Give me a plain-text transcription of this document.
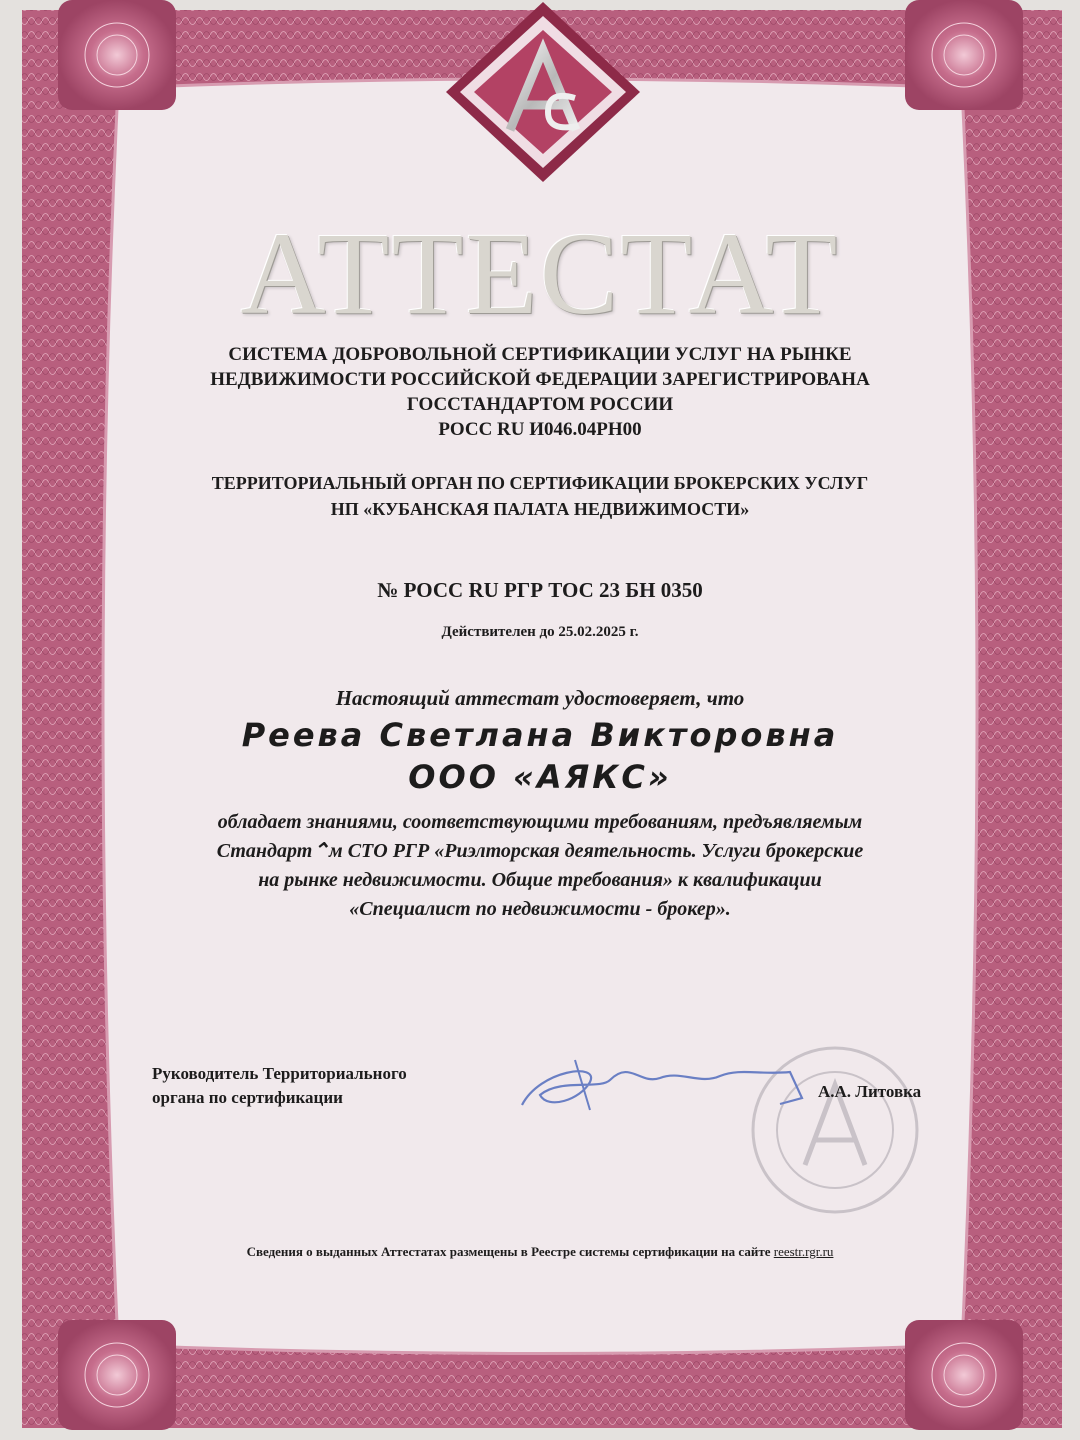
АТТЕСТАТ
СИСТЕМА ДОБРОВОЛЬНОЙ СЕРТИФИКАЦИИ УСЛУГ НА РЫНКЕ
НЕДВИЖИМОСТИ РОССИЙСКОЙ ФЕДЕРАЦИИ ЗАРЕГИСТРИРОВАНА
ГОССТАНДАРТОМ РОССИИ
РОСС RU И046.04РН00
ТЕРРИТОРИАЛЬНЫЙ ОРГАН ПО СЕРТИФИКАЦИИ БРОКЕРСКИХ УСЛУГ
НП «КУБАНСКАЯ ПАЛАТА НЕДВИЖИМОСТИ»
№ РОСС RU РГР ТОС 23 БН 0350
Действителен до 25.02.2025 г.
Настоящий аттестат удостоверяет, что
Реева Светлана Викторовна
ООО «АЯКС»
обладает знаниями, соответствующими требованиям, предъявляемым
Стандарт⌃м СТО РГР «Риэлторская деятельность. Услуги брокерские
на рынке недвижимости. Общие требования» к квалификации
«Специалист по недвижимости - брокер».
Руководитель Территориального
органа по сертификации	А.А. Литовка
Сведения о выданных Аттестатах размещены в Реестре системы сертификации на сайте reestr.rgr.ru
